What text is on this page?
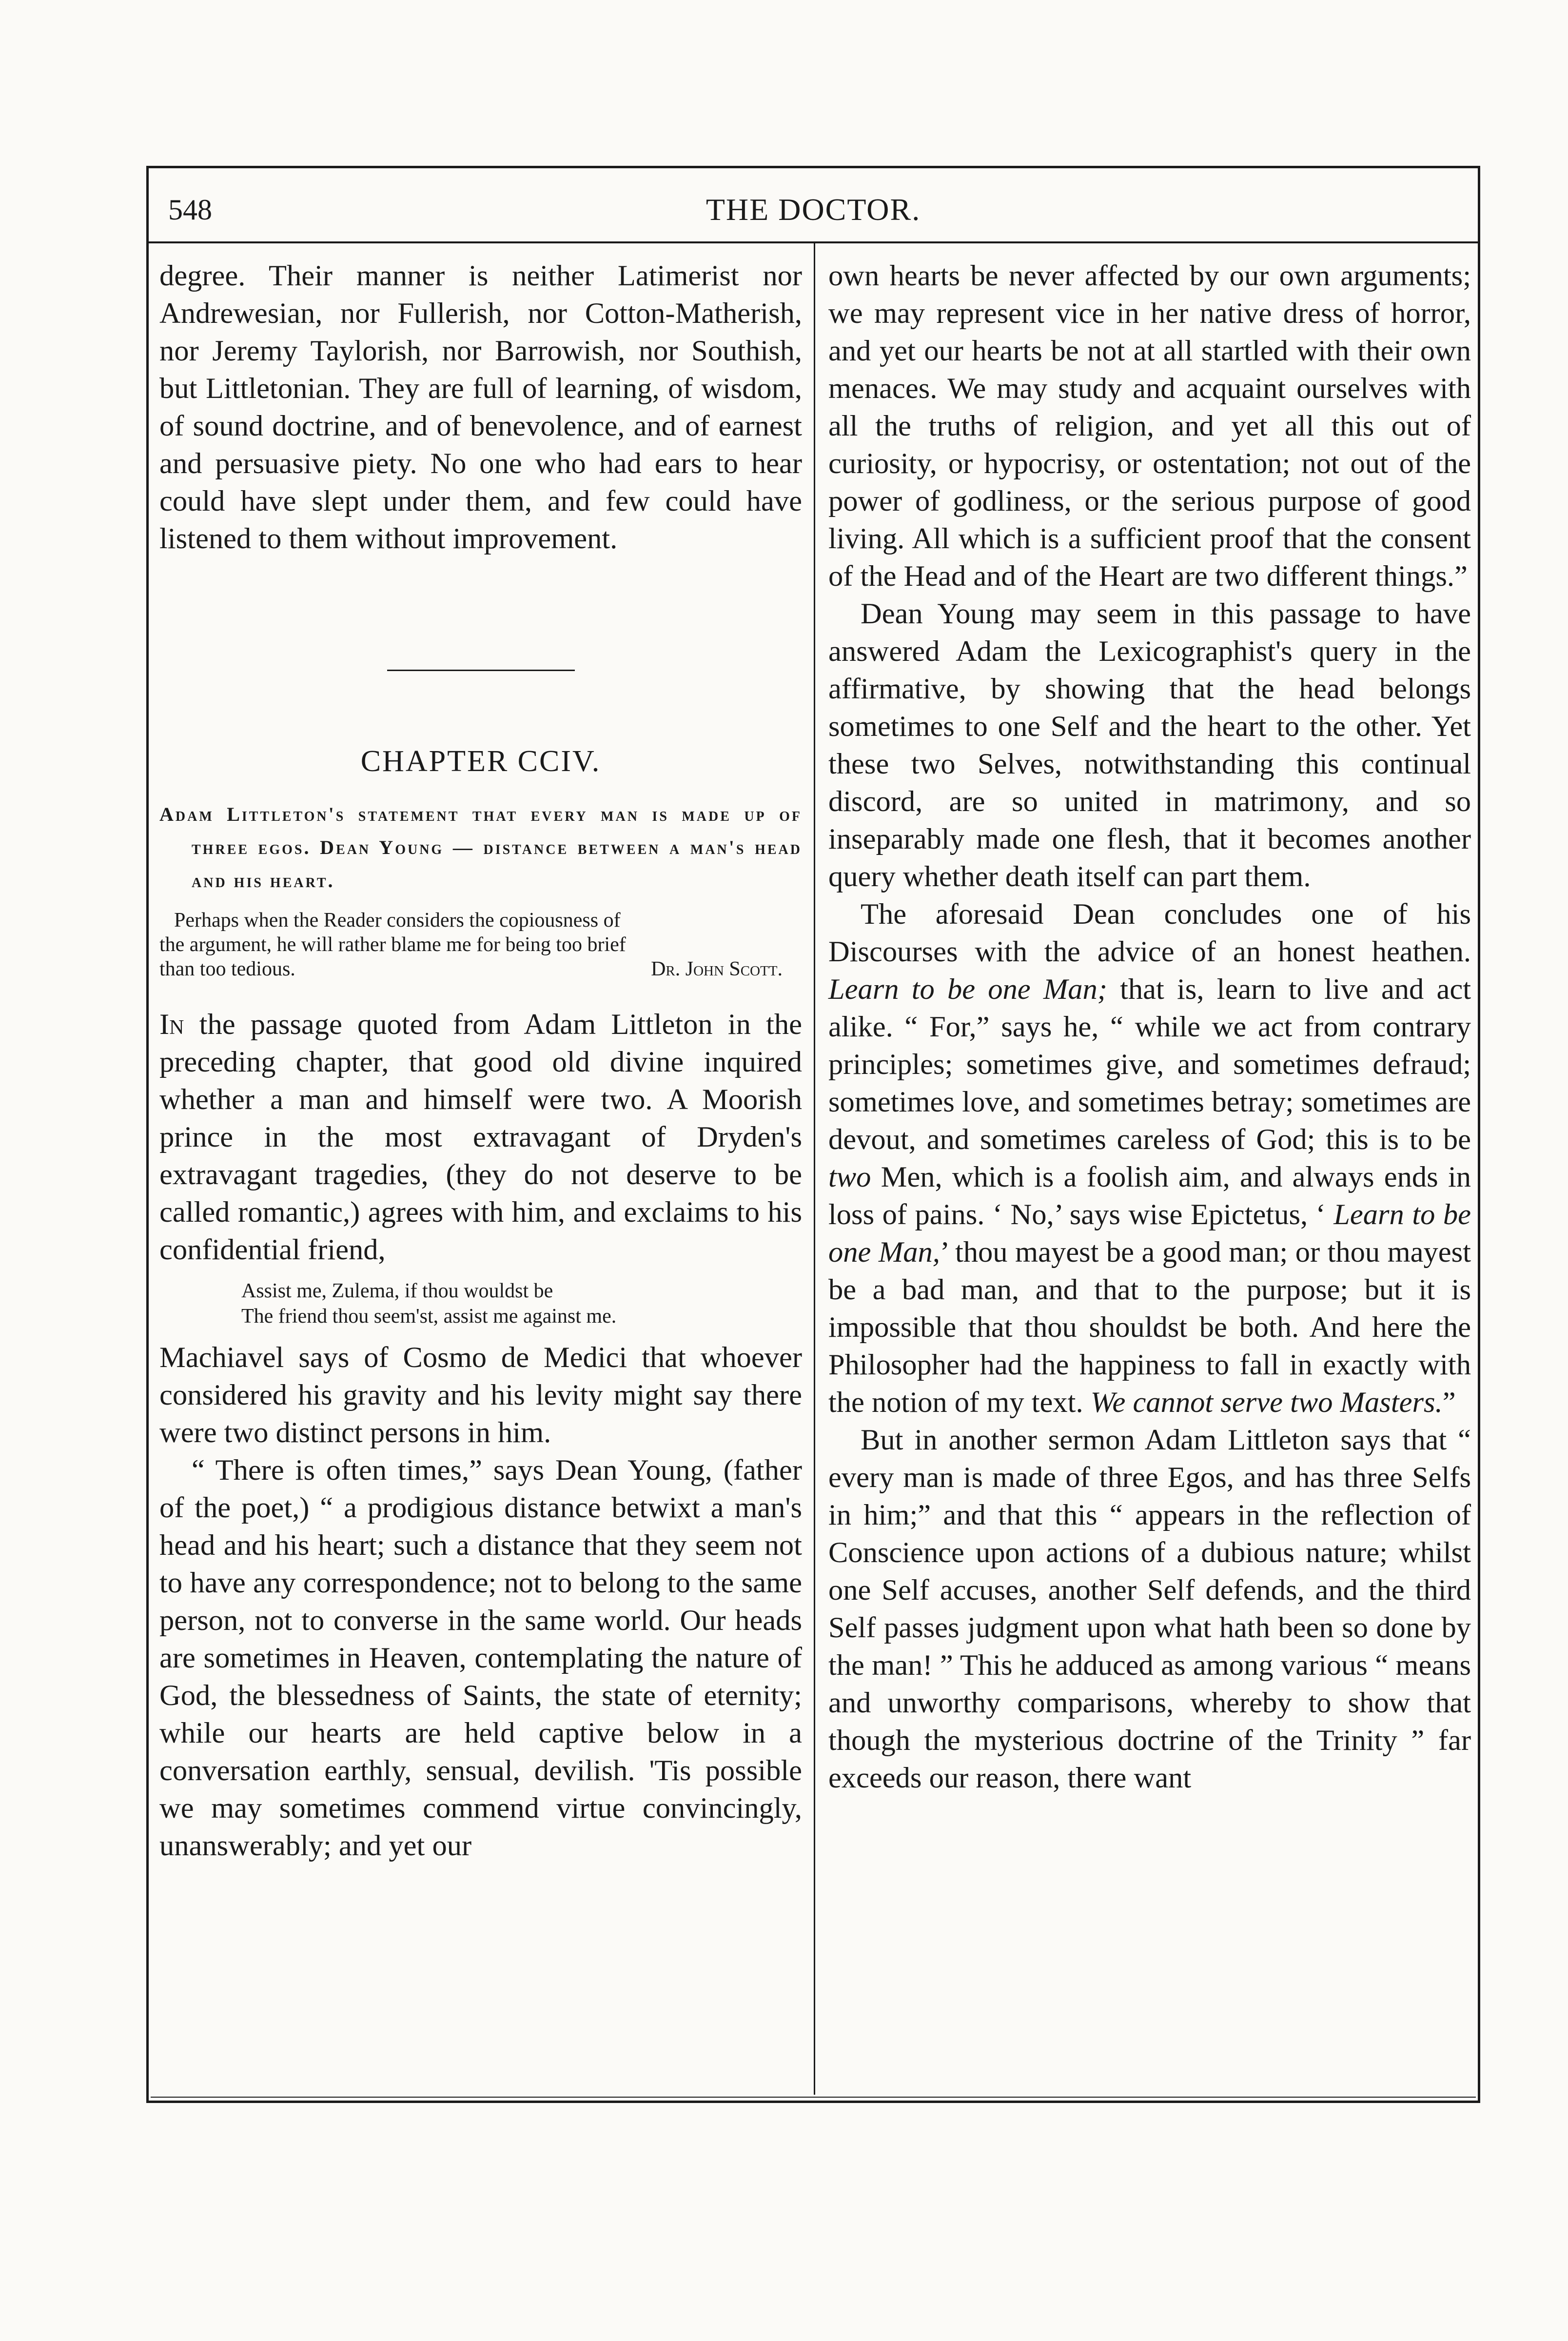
548	THE DOCTOR.

degree. Their manner is neither Latimerist nor Andrewesian, nor Fullerish, nor Cotton-Matherish, nor Jeremy Taylorish, nor Barrowish, nor Southish, but Littletonian. They are full of learning, of wisdom, of sound doctrine, and of benevolence, and of earnest and persuasive piety. No one who had ears to hear could have slept under them, and few could have listened to them without improvement.

CHAPTER CCIV.
Adam Littleton's statement that every man is made up of three egos. Dean Young — distance between a man's head and his heart.
Perhaps when the Reader considers the copiousness of
the argument, he will rather blame me for being too brief
than too tedious.	Dr. John Scott.

In the passage quoted from Adam Littleton in the preceding chapter, that good old divine inquired whether a man and himself were two. A Moorish prince in the most extravagant of Dryden's extravagant tragedies, (they do not deserve to be called romantic,) agrees with him, and exclaims to his confidential friend,

Assist me, Zulema, if thou wouldst be
The friend thou seem'st, assist me against me.

Machiavel says of Cosmo de Medici that whoever considered his gravity and his levity might say there were two distinct persons in him.

“ There is often times,” says Dean Young, (father of the poet,) “ a prodigious distance betwixt a man's head and his heart; such a distance that they seem not to have any correspondence; not to belong to the same person, not to converse in the same world. Our heads are sometimes in Heaven, contemplating the nature of God, the blessedness of Saints, the state of eternity; while our hearts are held captive below in a conversation earthly, sensual, devilish. 'Tis possible we may sometimes commend virtue convincingly, unanswerably; and yet our

own hearts be never affected by our own arguments; we may represent vice in her native dress of horror, and yet our hearts be not at all startled with their own menaces. We may study and acquaint ourselves with all the truths of religion, and yet all this out of curiosity, or hypocrisy, or ostentation; not out of the power of godliness, or the serious purpose of good living. All which is a sufficient proof that the consent of the Head and of the Heart are two different things.”

Dean Young may seem in this passage to have answered Adam the Lexicographist's query in the affirmative, by showing that the head belongs sometimes to one Self and the heart to the other. Yet these two Selves, notwithstanding this continual discord, are so united in matrimony, and so inseparably made one flesh, that it becomes another query whether death itself can part them.

The aforesaid Dean concludes one of his Discourses with the advice of an honest heathen. Learn to be one Man; that is, learn to live and act alike. “ For,” says he, “ while we act from contrary principles; sometimes give, and sometimes defraud; sometimes love, and sometimes betray; sometimes are devout, and sometimes careless of God; this is to be two Men, which is a foolish aim, and always ends in loss of pains. ‘ No,’ says wise Epictetus, ‘ Learn to be one Man,’ thou mayest be a good man; or thou mayest be a bad man, and that to the purpose; but it is impossible that thou shouldst be both. And here the Philosopher had the happiness to fall in exactly with the notion of my text. We cannot serve two Masters.”

But in another sermon Adam Littleton says that “ every man is made of three Egos, and has three Selfs in him;” and that this “ appears in the reflection of Conscience upon actions of a dubious nature; whilst one Self accuses, another Self defends, and the third Self passes judgment upon what hath been so done by the man! ” This he adduced as among various “ means and unworthy comparisons, whereby to show that though the mysterious doctrine of the Trinity ” far exceeds our reason, there want
